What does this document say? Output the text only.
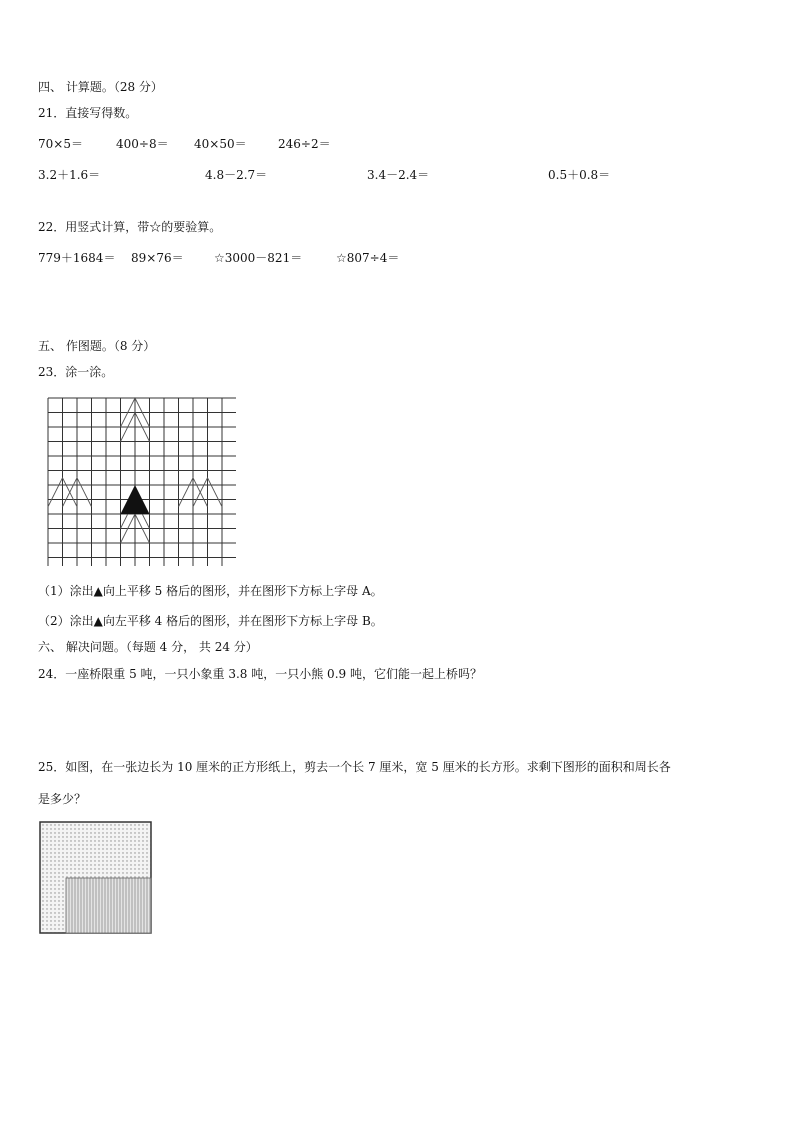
四、 计算题。（28 分）
21．直接写得数。
70×5＝	400÷8＝ 40×50＝	246÷2＝
3.2＋1.6＝	4.8－2.7＝	3.4－2.4＝	0.5＋0.8＝
22．用竖式计算，带☆的要验算。
779＋1684＝ 89×76＝	☆3000－821＝	☆807÷4＝
五、 作图题。（8 分）
23．涂一涂。
（1）涂出▲向上平移 5 格后的图形，并在图形下方标上字母 A。
（2）涂出▲向左平移 4 格后的图形，并在图形下方标上字母 B。
六、 解决问题。（每题 4 分， 共 24 分）
24．一座桥限重 5 吨，一只小象重 3.8 吨，一只小熊 0.9 吨，它们能一起上桥吗？
25．如图，在一张边长为 10 厘米的正方形纸上，剪去一个长 7 厘米，宽 5 厘米的长方形。求剩下图形的面积和周长各
是多少？
